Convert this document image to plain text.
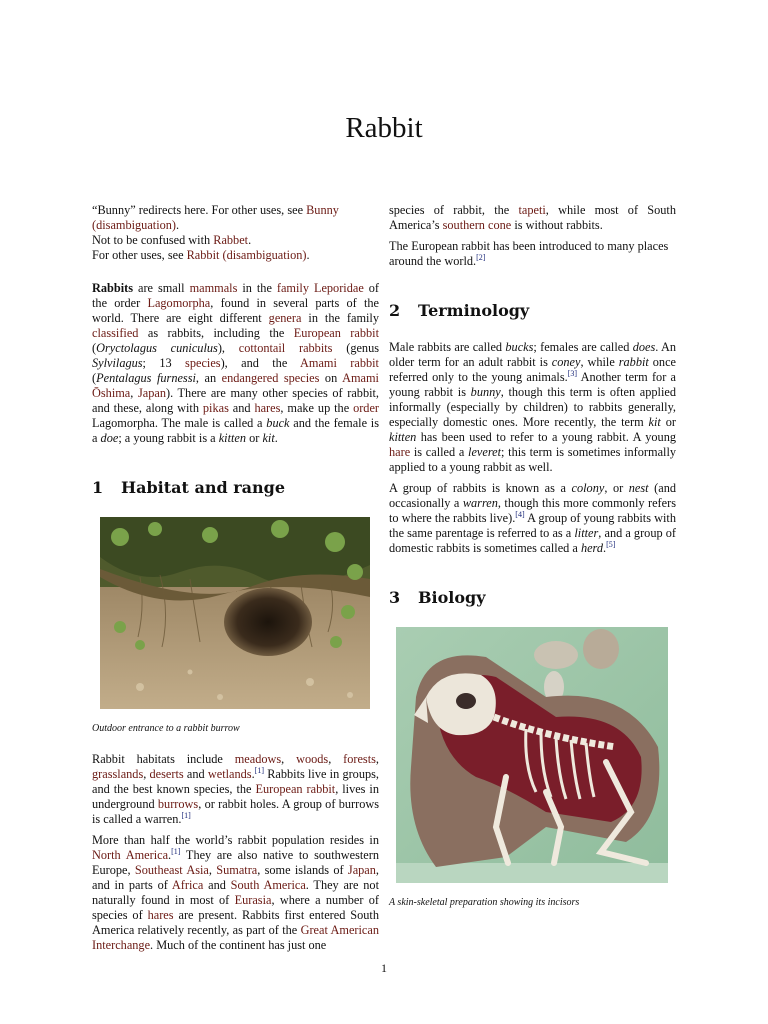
Rabbit

“Bunny” redirects here. For other uses, see Bunny (disambiguation).

Not to be confused with Rabbet.

For other uses, see Rabbit (disambiguation).

Rabbits are small mammals in the family Leporidae of the order Lagomorpha, found in several parts of the world. There are eight different genera in the family classified as rabbits, including the European rabbit (Oryctolagus cuniculus), cottontail rabbits (genus Sylvilagus; 13 species), and the Amami rabbit (Pentalagus furnessi, an endangered species on Amami Ōshima, Japan). There are many other species of rabbit, and these, along with pikas and hares, make up the order Lagomorpha. The male is called a buck and the female is a doe; a young rabbit is a kitten or kit.

1 Habitat and range
Outdoor entrance to a rabbit burrow

Rabbit habitats include meadows, woods, forests, grasslands, deserts and wetlands.[1] Rabbits live in groups, and the best known species, the European rabbit, lives in underground burrows, or rabbit holes. A group of burrows is called a warren.[1]

More than half the world’s rabbit population resides in North America.[1] They are also native to southwestern Europe, Southeast Asia, Sumatra, some islands of Japan, and in parts of Africa and South America. They are not naturally found in most of Eurasia, where a number of species of hares are present. Rabbits first entered South America relatively recently, as part of the Great American Interchange. Much of the continent has just one

species of rabbit, the tapeti, while most of South America’s southern cone is without rabbits.

The European rabbit has been introduced to many places around the world.[2]

2 Terminology

Male rabbits are called bucks; females are called does. An older term for an adult rabbit is coney, while rabbit once referred only to the young animals.[3] Another term for a young rabbit is bunny, though this term is often applied informally (especially by children) to rabbits generally, especially domestic ones. More recently, the term kit or kitten has been used to refer to a young rabbit. A young hare is called a leveret; this term is sometimes informally applied to a young rabbit as well.

A group of rabbits is known as a colony, or nest (and occasionally a warren, though this more commonly refers to where the rabbits live).[4] A group of young rabbits with the same parentage is referred to as a litter, and a group of domestic rabbits is sometimes called a herd.[5]

3 Biology
A skin-skeletal preparation showing its incisors
1
